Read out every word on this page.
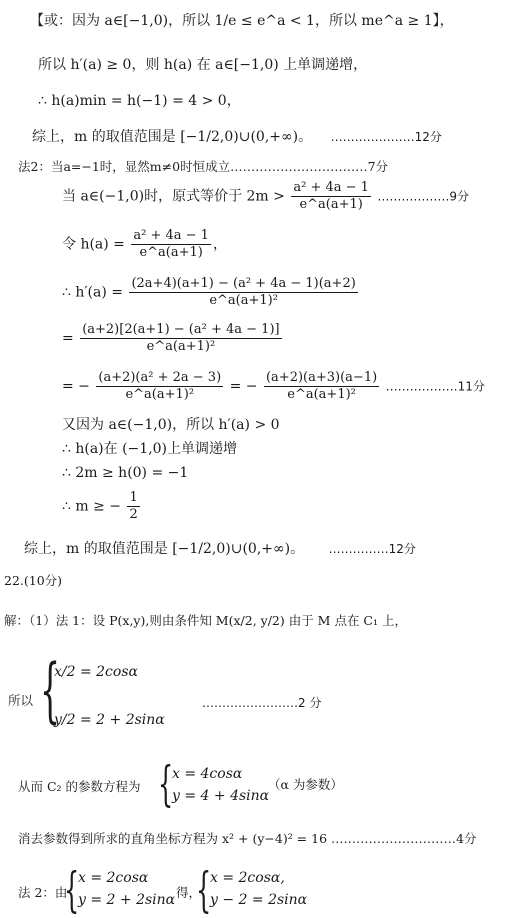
【或：因为 a∈[−1,0)，所以 1/e ≤ e^a < 1，所以 me^a ≥ 1】，
所以 h′(a) ≥ 0，则 h(a) 在 a∈[−1,0) 上单调递增，
∴ h(a)min = h(−1) = 4 > 0，
综上，m 的取值范围是 [−1/2,0)∪(0,+∞)。 …………………12分
法2：当a=−1时，显然m≠0时恒成立……………………………7分
当 a∈(−1,0)时，原式等价于 $2m > \frac{\text{a² + 4a − 1}}{e\^{}a(a+1)}$ ………………9分
令 $h(a) = \frac{\text{a² + 4a − 1}}{e\^{}a(a+1)}$ ，
∴ $h'(a) = \frac{\text{(2a+4)(a+1) − (a² + 4a − 1)(a+2)}}{\text{e\textasciicircum{}a(a+1)²}}$
= $\frac{\text{(a+2)[2(a+1) − (a² + 4a − 1)]}}{\text{e\textasciicircum{}a(a+1)²}}$
= − $\frac{\text{(a+2)(a² + 2a − 3)}}{\text{e\textasciicircum{}a(a+1)²}}$ = − $\frac{(a+2)(a+3)(a-1)}{\text{e\textasciicircum{}a(a+1)²}}$ ………………11分
又因为 a∈(−1,0)，所以 h′(a) > 0
∴ h(a)在 (−1,0)上单调递增
∴ 2m ≥ h(0) = −1
∴ m ≥ − $\frac{1}{2}$
综上，m 的取值范围是 [−1/2,0)∪(0,+∞)。 ……………12分
22.(10分)
解：（1）法 1：设 P(x,y),则由条件知 M(x/2, y/2) 由于 M 点在 C₁ 上，
所以 {
x/2 = 2cosα
y/2 = 2 + 2sinα
……………………2 分
从而 C₂ 的参数方程为 {
x = 4cosα
y = 4 + 4sinα
（α 为参数）
消去参数得到所求的直角坐标方程为 x² + (y−4)² = 16 …………………………4分
法 2：由
{
x = 2cosα
y = 2 + 2sinα 得，
{
x = 2cosα,
y − 2 = 2sinα
